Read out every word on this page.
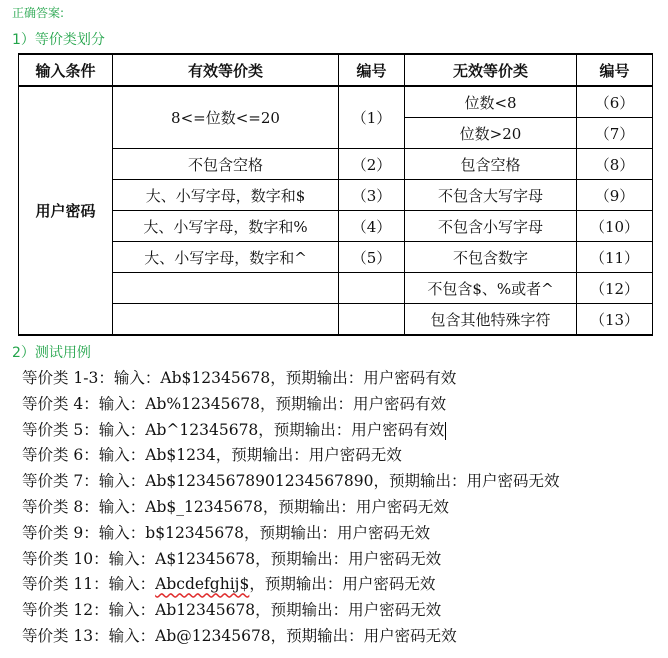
正确答案:
1）等价类划分
输入条件	有效等价类	编号	无效等价类	编号
用户密码	8<=位数<=20	（1）	位数<8	（6）
			位数>20	（7）
	不包含空格	（2）	包含空格	（8）
	大、小写字母，数字和$	（3）	不包含大写字母	（9）
	大、小写字母，数字和%	（4）	不包含小写字母	（10）
	大、小写字母，数字和^	（5）	不包含数字	（11）
			不包含$、%或者^	（12）
			包含其他特殊字符	（13）
2）测试用例
等价类 1-3：输入：Ab$12345678，预期输出：用户密码有效
等价类 4：输入：Ab%12345678，预期输出：用户密码有效
等价类 5：输入：Ab^12345678，预期输出：用户密码有效
等价类 6：输入：Ab$1234，预期输出：用户密码无效
等价类 7：输入：Ab$12345678901234567890，预期输出：用户密码无效
等价类 8：输入：Ab$_12345678，预期输出：用户密码无效
等价类 9：输入：b$12345678，预期输出：用户密码无效
等价类 10：输入：A$12345678，预期输出：用户密码无效
等价类 11：输入：Abcdefghij$，预期输出：用户密码无效
等价类 12：输入：Ab12345678，预期输出：用户密码无效
等价类 13：输入：Ab@12345678，预期输出：用户密码无效
